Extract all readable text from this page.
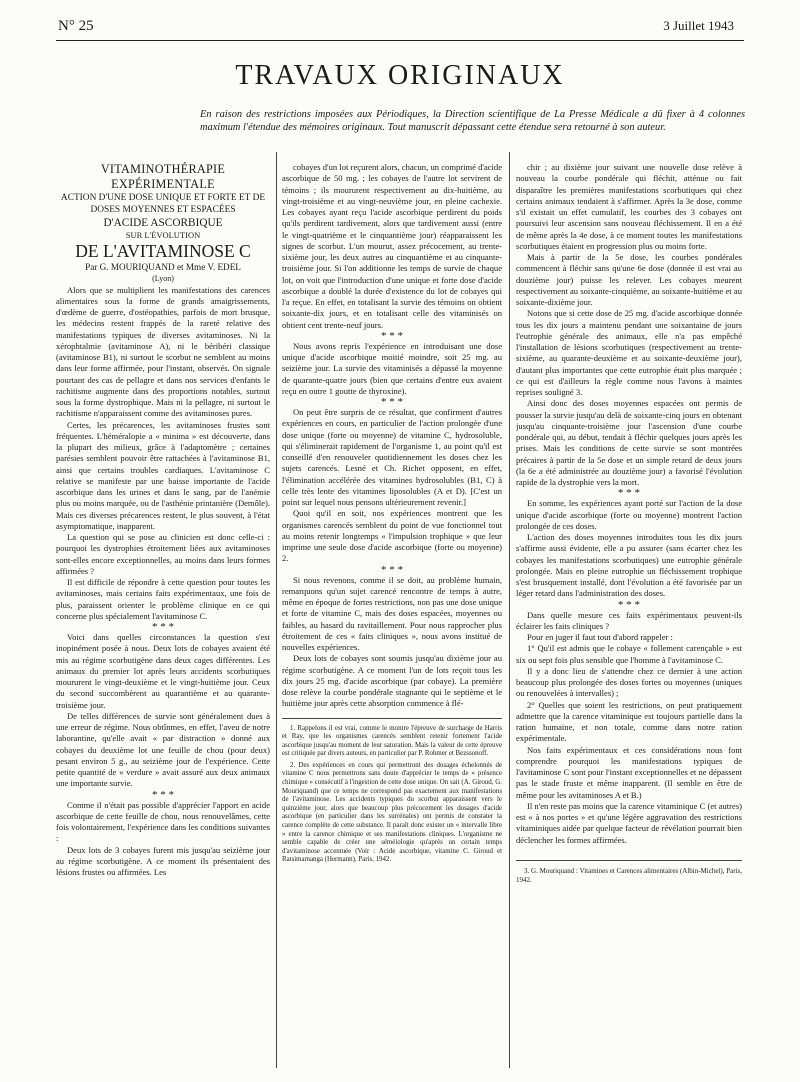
N° 25	3 Juillet 1943
TRAVAUX ORIGINAUX

En raison des restrictions imposées aux Périodiques, la Direction scientifique de La Presse Médicale a dû fixer à 4 colonnes maximum l'étendue des mémoires originaux. Tout manuscrit dépassant cette étendue sera retourné à son auteur.

VITAMINOTHÉRAPIE EXPÉRIMENTALE

ACTION D'UNE DOSE UNIQUE ET FORTE ET DE DOSES MOYENNES ET ESPACÉES

D'ACIDE ASCORBIQUE

SUR L'ÉVOLUTION

DE L'AVITAMINOSE C

Par G. MOURIQUAND et Mme V. EDEL

(Lyon)

Alors que se multiplient les manifestations des carences alimentaires sous la forme de grands amaigrissements, d'œdème de guerre, d'ostéopathies, parfois de mort brusque, les médecins restent frappés de la rareté relative des manifestations typiques de diverses avitaminoses. Ni la xérophtalmie (avitaminose A), ni le béribéri classique (avitaminose B1), ni surtout le scorbut ne semblent au moins dans leur forme affirmée, pour l'instant, observés. On signale pourtant des cas de pellagre et dans nos services d'enfants le rachitisme augmente dans des proportions notables, surtout sous la forme dystrophique. Mais ni la pellagre, ni surtout le rachitisme n'apparaissent comme des avitaminoses pures.

Certes, les précarences, les avitaminoses frustes sont fréquentes. L'héméralopie a « minima » est découverte, dans la plupart des milieux, grâce à l'adaptomètre ; certaines parésies semblent pouvoir être rattachées à l'avitaminose B1, ainsi que certains troubles cardiaques. L'avitaminose C relative se manifeste par une baisse importante de l'acide ascorbique dans les urines et dans le sang, par de l'anémie plus ou moins marquée, ou de l'asthénie printanière (Demôle). Mais ces diverses précarences restent, le plus souvent, à l'état asymptomatique, inapparent.

La question qui se pose au clinicien est donc celle-ci : pourquoi les dystrophies étroitement liées aux avitaminoses sont-elles encore exceptionnelles, au moins dans leurs formes affirmées ?

Il est difficile de répondre à cette question pour toutes les avitaminoses, mais certains faits expérimentaux, une fois de plus, paraissent orienter le problème clinique en ce qui concerne plus spécialement l'avitaminose C.

* * *

Voici dans quelles circonstances la question s'est inopinément posée à nous. Deux lots de cobayes avaient été mis au régime scorbutigène dans deux cages différentes. Les animaux du premier lot après leurs accidents scorbutiques moururent le vingt-deuxième et le vingt-huitième jour. Ceux du second succombèrent au quarantième et au quarante-troisième jour.

De telles différences de survie sont généralement dues à une erreur de régime. Nous obtînmes, en effet, l'aveu de notre laborantine, qu'elle avait « par distraction » donné aux cobayes du deuxième lot une feuille de chou (pour deux) pesant environ 5 g., au seizième jour de l'expérience. Cette petite quantité de « verdure » avait assuré aux deux animaux une importante survie.

* * *

Comme il n'était pas possible d'apprécier l'apport en acide ascorbique de cette feuille de chou, nous renouvelâmes, cette fois volontairement, l'expérience dans les conditions suivantes :

Deux lots de 3 cobayes furent mis jusqu'au seizième jour au régime scorbutigène. A ce moment ils présentaient des lésions frustes ou affirmées. Les

cobayes d'un lot reçurent alors, chacun, un comprimé d'acide ascorbique de 50 mg. ; les cobayes de l'autre lot servirent de témoins ; ils moururent respectivement au dix-huitième, au vingt-troisième et au vingt-neuvième jour, en pleine cachexie. Les cobayes ayant reçu l'acide ascorbique perdirent du poids qu'ils perdirent tardivement, alors que tardivement aussi (entre le vingt-quatrième et le cinquantième jour) réapparaissent les signes de scorbut. L'un mourut, assez précocement, au trente-sixième jour, les deux autres au cinquantième et au cinquante-troisième jour. Si l'on additionne les temps de survie de chaque lot, on voit que l'introduction d'une unique et forte dose d'acide ascorbique a doublé la durée d'existence du lot de cobayes qui l'a reçue. En effet, en totalisant la survie des témoins on obtient soixante-dix jours, et en totalisant celle des vitaminisés on obtient cent trente-neuf jours.

* * *

Nous avons repris l'expérience en introduisant une dose unique d'acide ascorbique moitié moindre, soit 25 mg. au seizième jour. La survie des vitaminisés a dépassé la moyenne de quarante-quatre jours (bien que certains d'entre eux avaient reçu en outre 1 goutte de thyroxine).

* * *

On peut être surpris de ce résultat, que confirment d'autres expériences en cours, en particulier de l'action prolongée d'une dose unique (forte ou moyenne) de vitamine C, hydrosoluble, qui s'éliminerait rapidement de l'organisme 1, au point qu'il est conseillé d'en renouveler quotidiennement les doses chez les sujets carencés. Lesné et Ch. Richet opposent, en effet, l'élimination accélérée des vitamines hydrosolubles (B1, C) à celle très lente des vitamines liposolubles (A et D). [C'est un point sur lequel nous pensons ultérieurement revenir.]

Quoi qu'il en soit, nos expériences montrent que les organismes carencés semblent du point de vue fonctionnel tout au moins retenir longtemps « l'impulsion trophique » que leur imprime une seule dose d'acide ascorbique (forte ou moyenne) 2.

* * *

Si nous revenons, comme il se doit, au problème humain, remarquons qu'un sujet carencé rencontre de temps à autre, même en époque de fortes restrictions, non pas une dose unique et forte de vitamine C, mais des doses espacées, moyennes ou faibles, au hasard du ravitaillement. Pour nous rapprocher plus étroitement de ces « faits cliniques », nous avons institué de nouvelles expériences.

Deux lots de cobayes sont soumis jusqu'au dixième jour au régime scorbutigène. A ce moment l'un de lots reçoit tous les dix jours 25 mg. d'acide ascorbique (par cobaye). La première dose relève la courbe pondérale stagnante qui le septième et le huitième jour après cette absorption commence à flé-

1. Rappelons il est vrai, comme le montre l'épreuve de surcharge de Harris et Ray, que les organismes carencés semblent retenir fortement l'acide ascorbique jusqu'au moment de leur saturation. Mais la valeur de cette épreuve est critiquée par divers auteurs, en particulier par P. Rohmer et Bezssonoff.

2. Des expériences en cours qui permettront des dosages échelonnés de vitamine C nous permettrons sans doute d'apprécier le temps de « présence chimique » consécutif à l'ingestion de cette dose unique. On sait (A. Giroud, G. Mouriquand) que ce temps ne correspond pas exactement aux manifestations de l'avitaminose. Les accidents typiques du scorbut apparaissent vers le quinzième jour, alors que beaucoup plus précocement les dosages d'acide ascorbique (en particulier dans les surrénales) ont permis de constater la carence complète de cette substance. Il paraît donc exister un « intervalle libre » entre la carence chimique et ses manifestations cliniques. L'organisme ne semble capable de créer une séméiologie qu'après un certain temps d'avitaminose accentuée (Voir : Acide ascorbique, vitamine C. Giroud et Ratsimamanga (Hermann), Paris, 1942.

chir ; au dixième jour suivant une nouvelle dose relève à nouveau la courbe pondérale qui fléchit, atténue ou fait disparaître les premières manifestations scorbutiques qui chez certains animaux tendaient à s'affirmer. Après la 3e dose, comme s'il existait un effet cumulatif, les courbes des 3 cobayes ont poursuivi leur ascension sans nouveau fléchissement. Il en a été de même après la 4e dose, à ce moment toutes les manifestations scorbutiques étaient en progression plus ou moins forte.

Mais à partir de la 5e dose, les courbes pondérales commencent à fléchir sans qu'une 6e dose (donnée il est vrai au douzième jour) puisse les relever. Les cobayes meurent respectivement au soixante-cinquième, au soixante-huitième et au soixante-dixième jour.

Notons que si cette dose de 25 mg. d'acide ascorbique donnée tous les dix jours a maintenu pendant une soixantaine de jours l'eutrophie générale des animaux, elle n'a pas empêché l'installation de lésions scorbutiques (respectivement au trente-sixième, au quarante-deuxième et au soixante-deuxième jour), d'autant plus importantes que cette eutrophie était plus marquée ; ce qui est d'ailleurs la règle comme nous l'avons à maintes reprises souligné 3.

Ainsi donc des doses moyennes espacées ont permis de pousser la survie jusqu'au delà de soixante-cinq jours en obtenant jusqu'au cinquante-troisième jour l'ascension d'une courbe pondérale qui, au début, tendait à fléchir quelques jours après les prises. Mais les conditions de cette survie se sont montrées précaires à partir de la 5e dose et un simple retard de deux jours (la 6e a été administrée au douzième jour) a favorisé l'évolution rapide de la dystrophie vers la mort.

* * *

En somme, les expériences ayant porté sur l'action de la dose unique d'acide ascorbique (forte ou moyenne) montrent l'action prolongée de ces doses.

L'action des doses moyennes introduites tous les dix jours s'affirme aussi évidente, elle a pu assurer (sans écarter chez les cobayes les manifestations scorbutiques) une eutrophie générale prolongée. Mais en pleine eutrophie un fléchissement trophique s'est brusquement installé, dont l'évolution a été favorisée par un léger retard dans l'administration des doses.

* * *

Dans quelle mesure ces faits expérimentaux peuvent-ils éclairer les faits cliniques ?

Pour en juger il faut tout d'abord rappeler :

1° Qu'il est admis que le cobaye « follement carençable » est six ou sept fois plus sensible que l'homme à l'avitaminose C.

Il y a donc lieu de s'attendre chez ce dernier à une action beaucoup plus prolongée des doses fortes ou moyennes (uniques ou renouvelées à intervalles) ;

2° Quelles que soient les restrictions, on peut pratiquement admettre que la carence vitaminique est toujours partielle dans la ration humaine, et non totale, comme dans notre ration expérimentale.

Nos faits expérimentaux et ces considérations nous font comprendre pourquoi les manifestations typiques de l'avitaminose C sont pour l'instant exceptionnelles et ne dépassent pas le stade fruste et même inapparent. (Il semble en être de même pour les avitaminoses A et B.)

Il n'en reste pas moins que la carence vitaminique C (et autres) est « à nos portes » et qu'une légère aggravation des restrictions vitaminiques aidée par quelque facteur de révélation pourrait bien déclencher les formes affirmées.

3. G. Mouriquand : Vitamines et Carences alimentaires (Albin-Michel), Paris, 1942.
